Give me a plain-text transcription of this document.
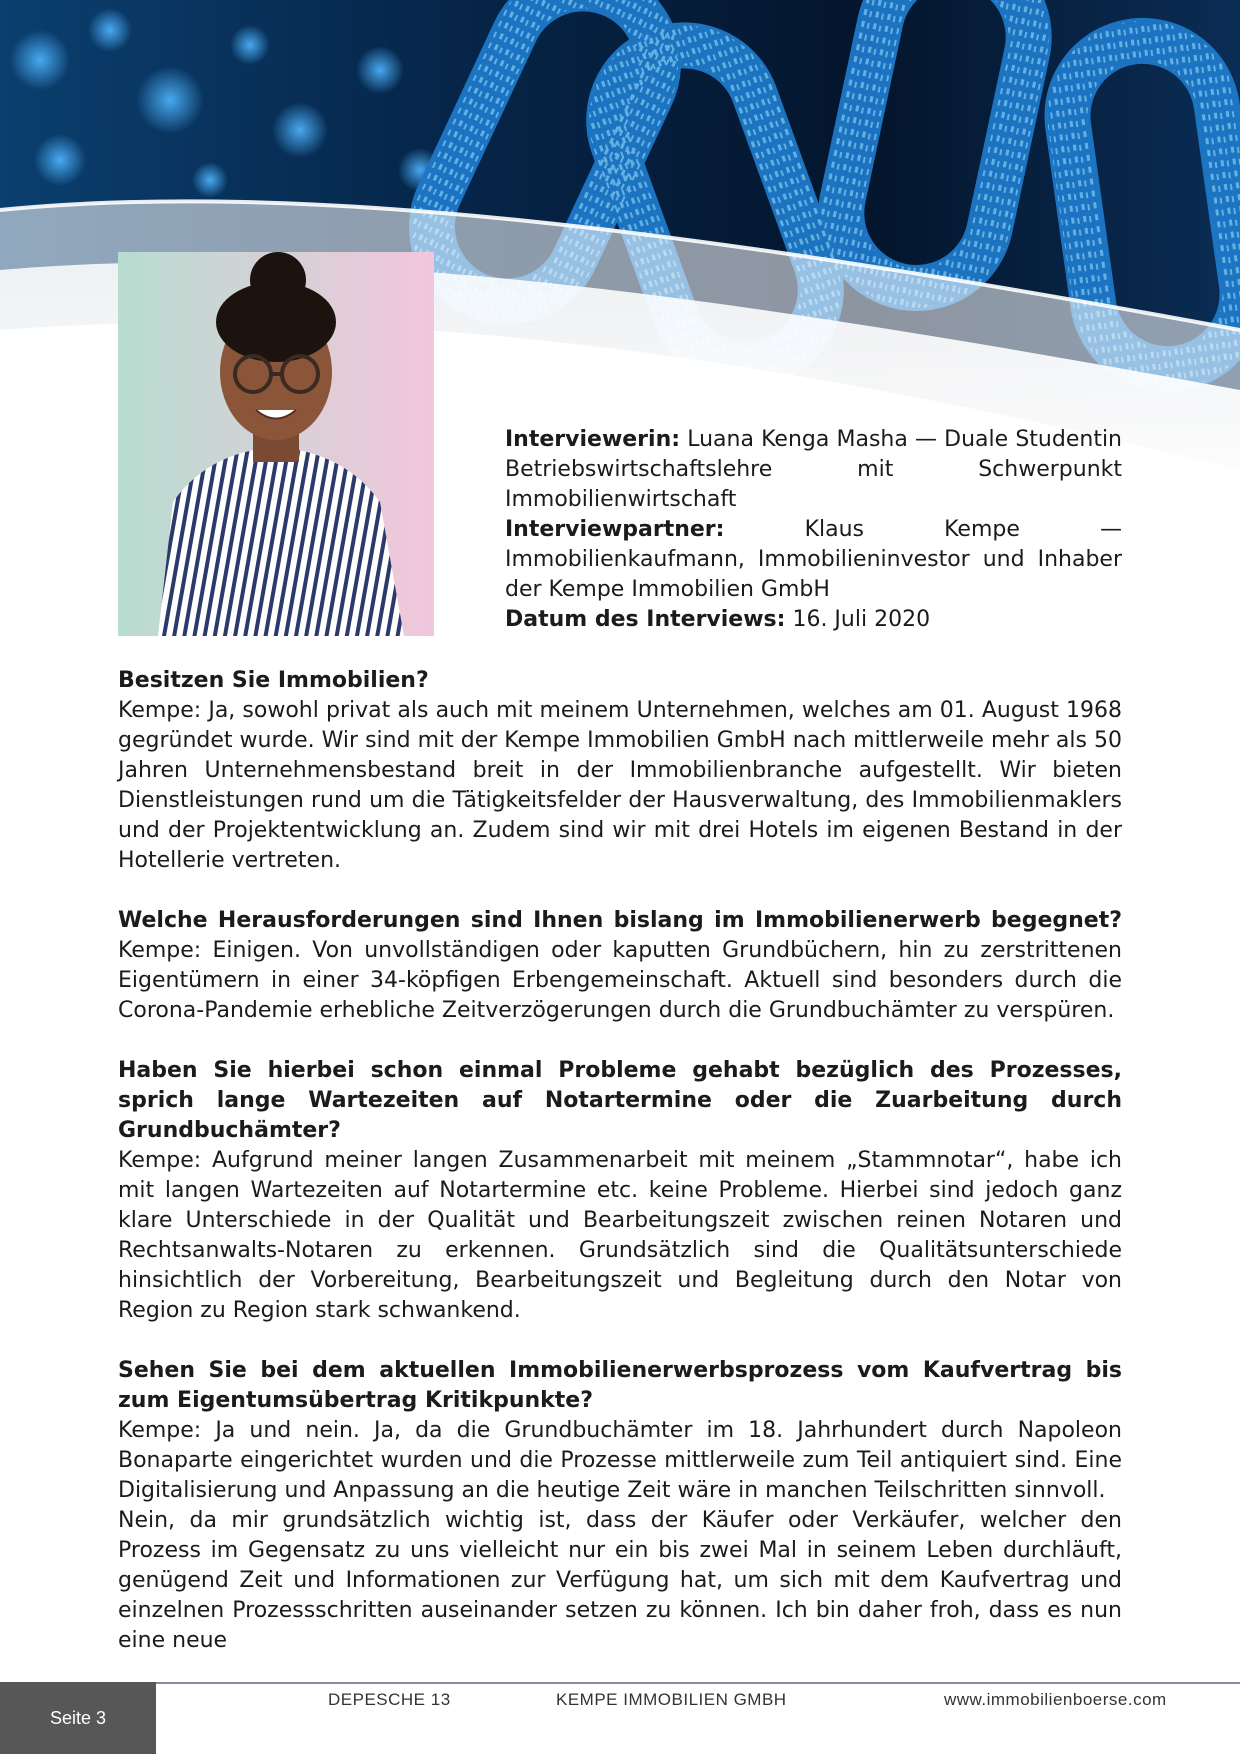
Interviewerin: Luana Kenga Masha — Duale Studentin Betriebswirtschaftslehre mit Schwerpunkt Immobilienwirtschaft

Interviewpartner:	Klaus Kempe — Immobilienkaufmann, Immobilieninvestor und Inhaber der Kempe Immobilien GmbH

Datum des Interviews: 16. Juli 2020

Besitzen Sie Immobilien?

Kempe: Ja, sowohl privat als auch mit meinem Unternehmen, welches am 01. August 1968 gegründet wurde. Wir sind mit der Kempe Immobilien GmbH nach mittlerweile mehr als 50 Jahren Unternehmensbestand breit in der Immobilienbranche aufgestellt. Wir bieten Dienstleistungen rund um die Tätigkeitsfelder der Hausverwaltung, des Immobilienmaklers und der Projektentwicklung an. Zudem sind wir mit drei Hotels im eigenen Bestand in der Hotellerie vertreten.

Welche Herausforderungen sind Ihnen bislang im Immobilienerwerb begegnet? Kempe: Einigen. Von unvollständigen oder kaputten Grundbüchern, hin zu zerstrittenen Eigentümern in einer 34-köpfigen Erbengemeinschaft. Aktuell sind besonders durch die Corona-Pandemie erhebliche Zeitverzögerungen durch die Grundbuchämter zu verspüren.

Haben Sie hierbei schon einmal Probleme gehabt bezüglich des Prozesses, sprich lange Wartezeiten auf Notartermine oder die Zuarbeitung durch Grundbuchämter?

Kempe: Aufgrund meiner langen Zusammenarbeit mit meinem „Stammnotar“, habe ich mit langen Wartezeiten auf Notartermine etc. keine Probleme. Hierbei sind jedoch ganz klare Unterschiede in der Qualität und Bearbeitungszeit zwischen reinen Notaren und Rechtsanwalts-Notaren zu erkennen. Grundsätzlich sind die Qualitätsunterschiede hinsichtlich der Vorbereitung, Bearbeitungszeit und Begleitung durch den Notar von Region zu Region stark schwankend.

Sehen Sie bei dem aktuellen Immobilienerwerbsprozess vom Kaufvertrag bis zum Eigentumsübertrag Kritikpunkte?

Kempe: Ja und nein. Ja, da die Grundbuchämter im 18. Jahrhundert durch Napoleon Bonaparte eingerichtet wurden und die Prozesse mittlerweile zum Teil antiquiert sind. Eine Digitalisierung und Anpassung an die heutige Zeit wäre in manchen Teilschritten sinnvoll.

Nein, da mir grundsätzlich wichtig ist, dass der Käufer oder Verkäufer, welcher den Prozess im Gegensatz zu uns vielleicht nur ein bis zwei Mal in seinem Leben durchläuft, genügend Zeit und Informationen zur Verfügung hat, um sich mit dem Kaufvertrag und einzelnen Prozessschritten auseinander setzen zu können. Ich bin daher froh, dass es nun eine neue

Seite 3
DEPESCHE 13	KEMPE IMMOBILIEN GMBH	www.immobilienboerse.com
